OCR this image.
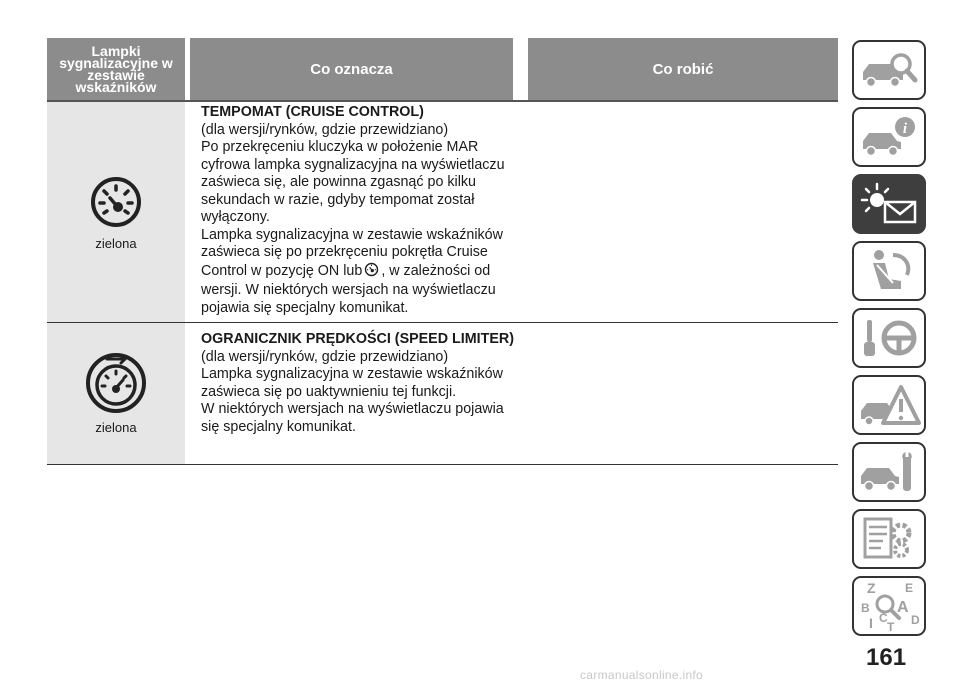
Lampki sygnalizacyjne w zestawie wskaźników
Co oznacza	Co robić
zielona

TEMPOMAT (CRUISE CONTROL)

(dla wersji/rynków, gdzie przewidziano)

Po przekręceniu kluczyka w położenie MAR cyfrowa lampka sygnalizacyjna na wyświetlaczu zaświeca się, ale powinna zgasnąć po kilku sekundach w razie, gdyby tempomat został wyłączony.

Lampka sygnalizacyjna w zestawie wskaźników zaświeca się po przekręceniu pokrętła Cruise Control w pozycję ON lub , w zależności od wersji. W niektórych wersjach na wyświetlaczu pojawia się specjalny komunikat.

zielona

OGRANICZNIK PRĘDKOŚCI (SPEED LIMITER)

(dla wersji/rynków, gdzie przewidziano)

Lampka sygnalizacyjna w zestawie wskaźników zaświeca się po uaktywnieniu tej funkcji.

W niektórych wersjach na wyświetlaczu pojawia się specjalny komunikat.

i
Z E
B A
I C
T D
161
carmanualsonline.info
